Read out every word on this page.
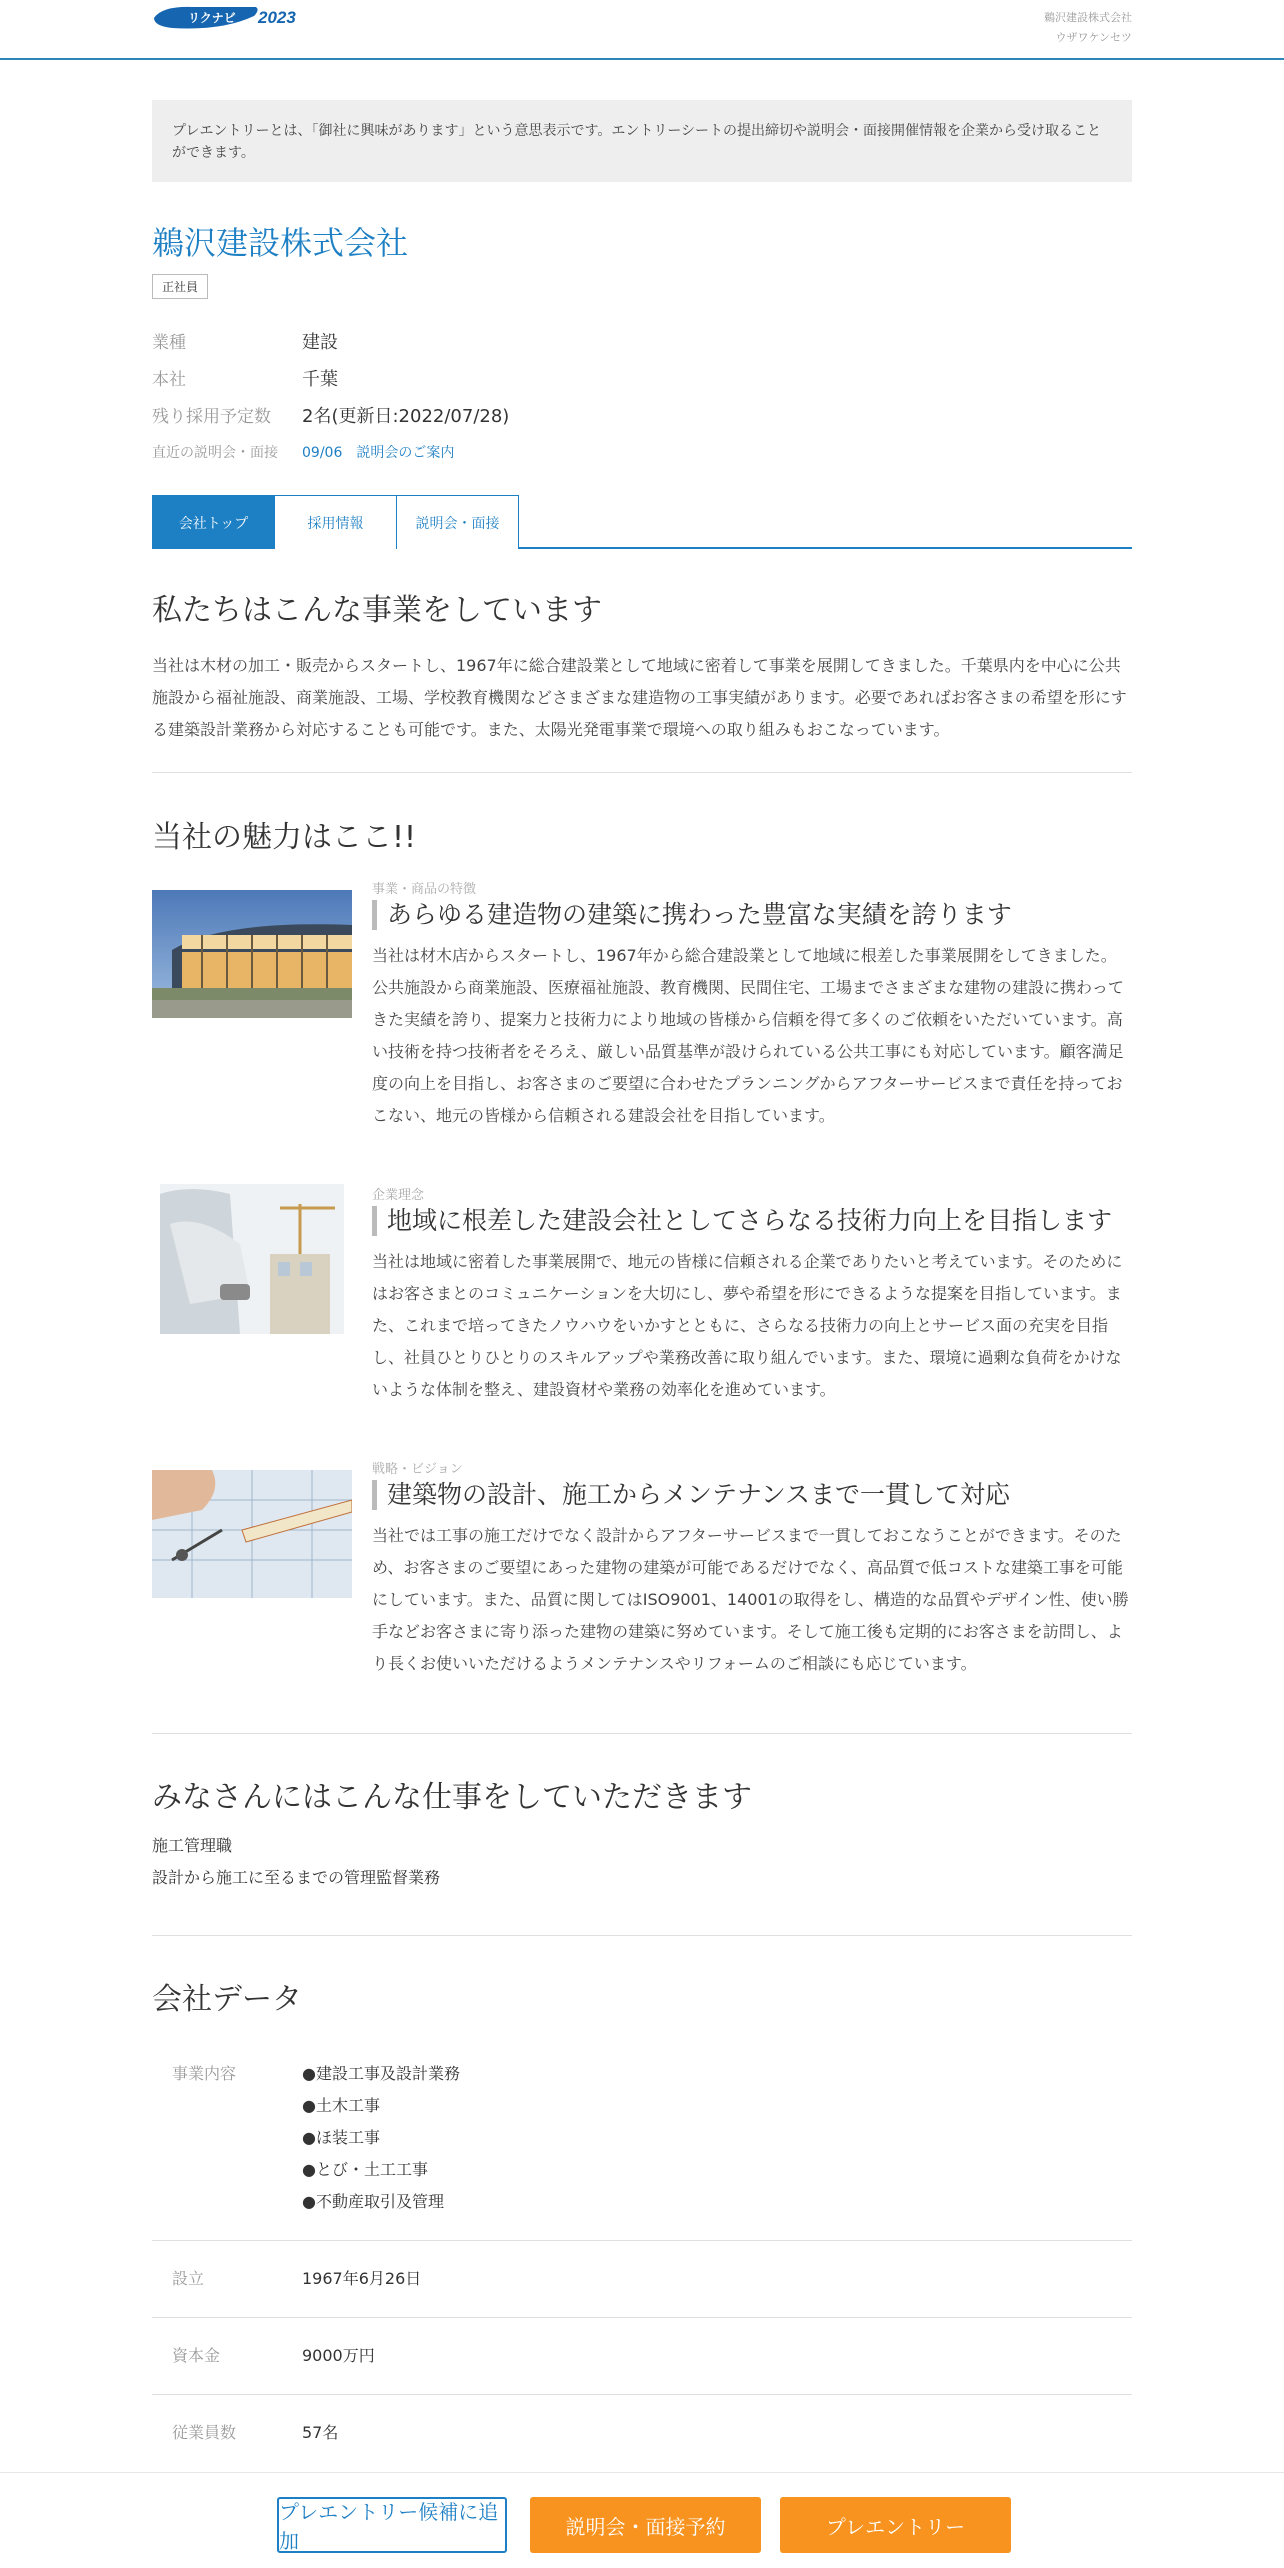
リクナビ 2023	鵜沢建設株式会社
ウザワケンセツ
プレエントリーとは、「御社に興味があります」という意思表示です。エントリーシートの提出締切や説明会・面接開催情報を企業から受け取ることができます。
鵜沢建設株式会社
正社員
業種	建設
本社	千葉
残り採用予定数	2名(更新日:2022/07/28)
直近の説明会・面接	09/06 説明会のご案内
会社トップ	採用情報	説明会・面接
私たちはこんな事業をしています

当社は木材の加工・販売からスタートし、1967年に総合建設業として地域に密着して事業を展開してきました。千葉県内を中心に公共施設から福祉施設、商業施設、工場、学校教育機関などさまざまな建造物の工事実績があります。必要であればお客さまの希望を形にする建築設計業務から対応することも可能です。また、太陽光発電事業で環境への取り組みもおこなっています。

当社の魅力はここ!!
事業・商品の特徴
あらゆる建造物の建築に携わった豊富な実績を誇ります
当社は材木店からスタートし、1967年から総合建設業として地域に根差した事業展開をしてきました。公共施設から商業施設、医療福祉施設、教育機関、民間住宅、工場までさまざまな建物の建設に携わってきた実績を誇り、提案力と技術力により地域の皆様から信頼を得て多くのご依頼をいただいています。高い技術を持つ技術者をそろえ、厳しい品質基準が設けられている公共工事にも対応しています。顧客満足度の向上を目指し、お客さまのご要望に合わせたプランニングからアフターサービスまで責任を持っておこない、地元の皆様から信頼される建設会社を目指しています。
企業理念
地域に根差した建設会社としてさらなる技術力向上を目指します
当社は地域に密着した事業展開で、地元の皆様に信頼される企業でありたいと考えています。そのためにはお客さまとのコミュニケーションを大切にし、夢や希望を形にできるような提案を目指しています。また、これまで培ってきたノウハウをいかすとともに、さらなる技術力の向上とサービス面の充実を目指し、社員ひとりひとりのスキルアップや業務改善に取り組んでいます。また、環境に過剰な負荷をかけないような体制を整え、建設資材や業務の効率化を進めています。
戦略・ビジョン
建築物の設計、施工からメンテナンスまで一貫して対応
当社では工事の施工だけでなく設計からアフターサービスまで一貫しておこなうことができます。そのため、お客さまのご要望にあった建物の建築が可能であるだけでなく、高品質で低コストな建築工事を可能にしています。また、品質に関してはISO9001、14001の取得をし、構造的な品質やデザイン性、使い勝手などお客さまに寄り添った建物の建築に努めています。そして施工後も定期的にお客さまを訪問し、より長くお使いいただけるようメンテナンスやリフォームのご相談にも応じています。
みなさんにはこんな仕事をしていただきます
施工管理職
設計から施工に至るまでの管理監督業務
会社データ
事業内容	●建設工事及設計業務
●土木工事
●ほ装工事
●とび・土工工事
●不動産取引及管理
設立	1967年6月26日
資本金	9000万円
従業員数	57名
プレエントリー候補に追加
説明会・面接予約	プレエントリー
